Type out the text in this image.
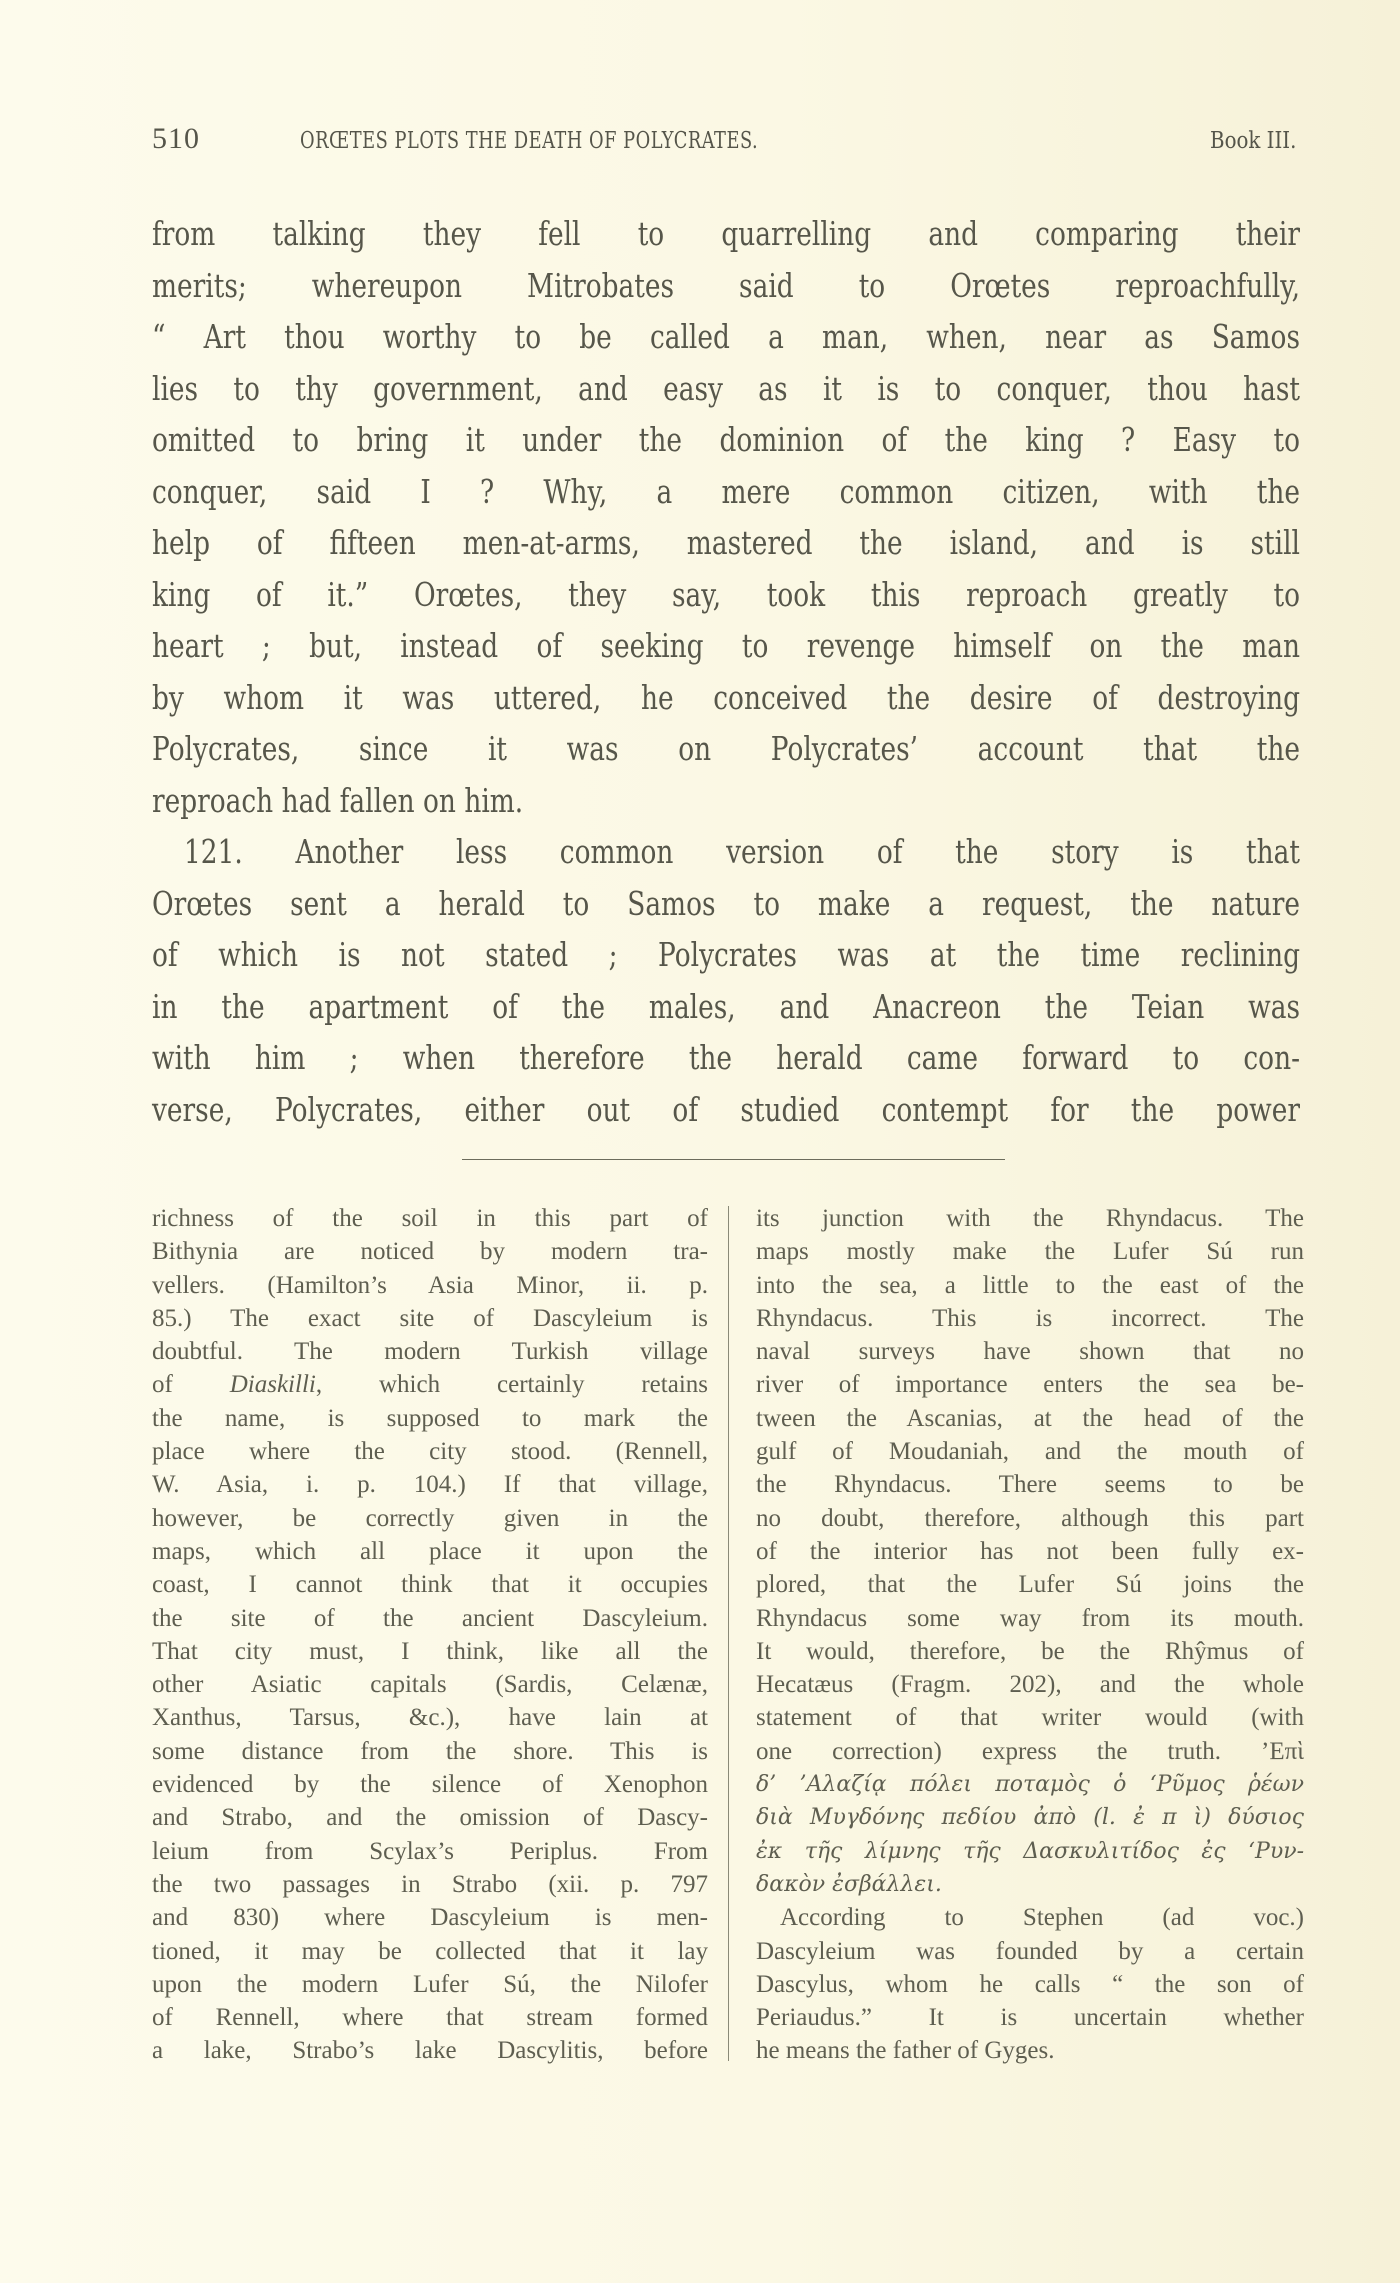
510	ORŒTES PLOTS THE DEATH OF POLYCRATES.	Book III.
from talking they fell to quarrelling and comparing their
merits; whereupon Mitrobates said to Orœtes reproachfully,
“ Art thou worthy to be called a man, when, near as Samos
lies to thy government, and easy as it is to conquer, thou hast
omitted to bring it under the dominion of the king ? Easy to
conquer, said I ? Why, a mere common citizen, with the
help of fifteen men-at-arms, mastered the island, and is still
king of it.” Orœtes, they say, took this reproach greatly to
heart ; but, instead of seeking to revenge himself on the man
by whom it was uttered, he conceived the desire of destroying
Polycrates, since it was on Polycrates’ account that the
reproach had fallen on him.
121. Another less common version of the story is that
Orœtes sent a herald to Samos to make a request, the nature
of which is not stated ; Polycrates was at the time reclining
in the apartment of the males, and Anacreon the Teian was
with him ; when therefore the herald came forward to con-
verse, Polycrates, either out of studied contempt for the power
richness of the soil in this part of
Bithynia are noticed by modern tra-
vellers. (Hamilton’s Asia Minor, ii. p.
85.) The exact site of Dascyleium is
doubtful. The modern Turkish village
of Diaskilli, which certainly retains
the name, is supposed to mark the
place where the city stood. (Rennell,
W. Asia, i. p. 104.) If that village,
however, be correctly given in the
maps, which all place it upon the
coast, I cannot think that it occupies
the site of the ancient Dascyleium.
That city must, I think, like all the
other Asiatic capitals (Sardis, Celænæ,
Xanthus, Tarsus, &c.), have lain at
some distance from the shore. This is
evidenced by the silence of Xenophon
and Strabo, and the omission of Dascy-
leium from Scylax’s Periplus. From
the two passages in Strabo (xii. p. 797
and 830) where Dascyleium is men-
tioned, it may be collected that it lay
upon the modern Lufer Sú, the Nilofer
of Rennell, where that stream formed
a lake, Strabo’s lake Dascylitis, before
its junction with the Rhyndacus. The
maps mostly make the Lufer Sú run
into the sea, a little to the east of the
Rhyndacus. This is incorrect. The
naval surveys have shown that no
river of importance enters the sea be-
tween the Ascanias, at the head of the
gulf of Moudaniah, and the mouth of
the Rhyndacus. There seems to be
no doubt, therefore, although this part
of the interior has not been fully ex-
plored, that the Lufer Sú joins the
Rhyndacus some way from its mouth.
It would, therefore, be the Rhŷmus of
Hecatæus (Fragm. 202), and the whole
statement of that writer would (with
one correction) express the truth. ’Επὶ
δ’ ’Αλαζίᾳ πόλει ποταμὸς ὁ ‘Ρῦμος ῥέων
διὰ Μυγδόνης πεδίου ἀπὸ (l. ἐ π ὶ) δύσιος
ἐκ τῆς λίμνης τῆς Δασκυλιτίδος ἐς ‘Ρυν-
δακὸν ἐσβάλλει.
According to Stephen (ad voc.)
Dascyleium was founded by a certain
Dascylus, whom he calls “ the son of
Periaudus.” It is uncertain whether
he means the father of Gyges.
